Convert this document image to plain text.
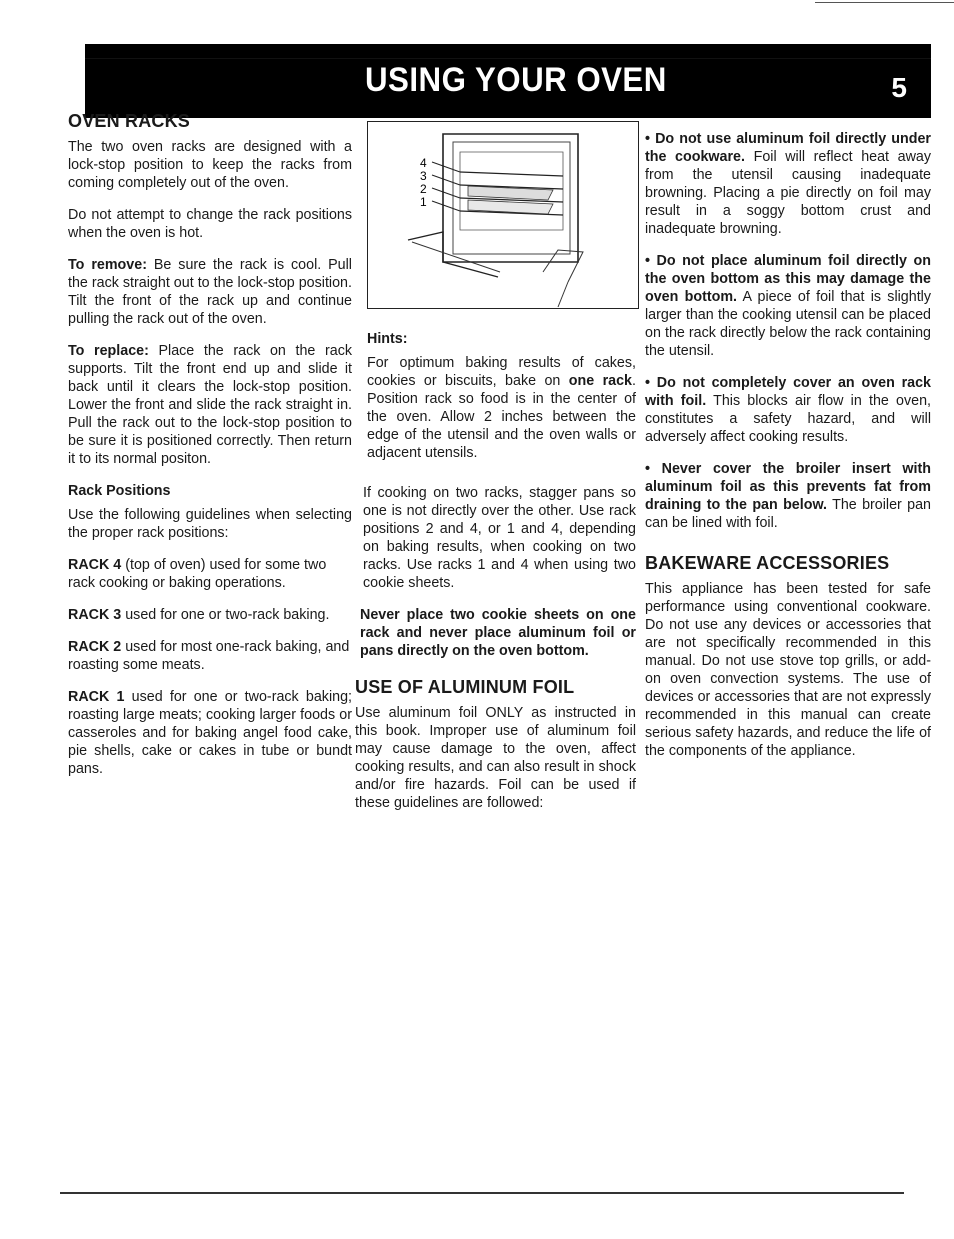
USING YOUR OVEN	5
OVEN RACKS

The two oven racks are designed with a lock-stop position to keep the racks from coming completely out of the oven.

Do not attempt to change the rack positions when the oven is hot.

To remove: Be sure the rack is cool. Pull the rack straight out to the lock-stop position. Tilt the front of the rack up and continue pulling the rack out of the oven.

To replace: Place the rack on the rack supports. Tilt the front end up and slide it back until it clears the lock-stop position. Lower the front and slide the rack straight in. Pull the rack out to the lock-stop position to be sure it is positioned correctly. Then return it to its normal positon.

Rack Positions

Use the following guidelines when selecting the proper rack positions:

RACK 4 (top of oven) used for some two rack cooking or baking operations.

RACK 3 used for one or two-rack baking.

RACK 2 used for most one-rack baking, and roasting some meats.

RACK 1 used for one or two-rack baking; roasting large meats; cooking larger foods or casseroles and for baking angel food cake, pie shells, cake or cakes in tube or bundt pans.

4
3
2
1
Hints:

For optimum baking results of cakes, cookies or biscuits, bake on one rack. Position rack so food is in the center of the oven. Allow 2 inches between the edge of the utensil and the oven walls or adjacent utensils.

If cooking on two racks, stagger pans so one is not directly over the other. Use rack positions 2 and 4, or 1 and 4, depending on baking results, when cooking on two racks. Use racks 1 and 4 when using two cookie sheets.

Never place two cookie sheets on one rack and never place aluminum foil or pans directly on the oven bottom.

USE OF ALUMINUM FOIL

Use aluminum foil ONLY as instructed in this book. Improper use of aluminum foil may cause damage to the oven, affect cooking results, and can also result in shock and/or fire hazards. Foil can be used if these guidelines are followed:

• Do not use aluminum foil directly under the cookware. Foil will reflect heat away from the utensil causing inadequate browning. Placing a pie directly on foil may result in a soggy bottom crust and inadequate browning.

• Do not place aluminum foil directly on the oven bottom as this may damage the oven bottom. A piece of foil that is slightly larger than the cooking utensil can be placed on the rack directly below the rack containing the utensil.

• Do not completely cover an oven rack with foil. This blocks air flow in the oven, constitutes a safety hazard, and will adversely affect cooking results.

• Never cover the broiler insert with aluminum foil as this prevents fat from draining to the pan below. The broiler pan can be lined with foil.

BAKEWARE ACCESSORIES

This appliance has been tested for safe performance using conventional cookware. Do not use any devices or accessories that are not specifically recommended in this manual. Do not use stove top grills, or add-on oven convection systems. The use of devices or accessories that are not expressly recommended in this manual can create serious safety hazards, and reduce the life of the components of the appliance.
